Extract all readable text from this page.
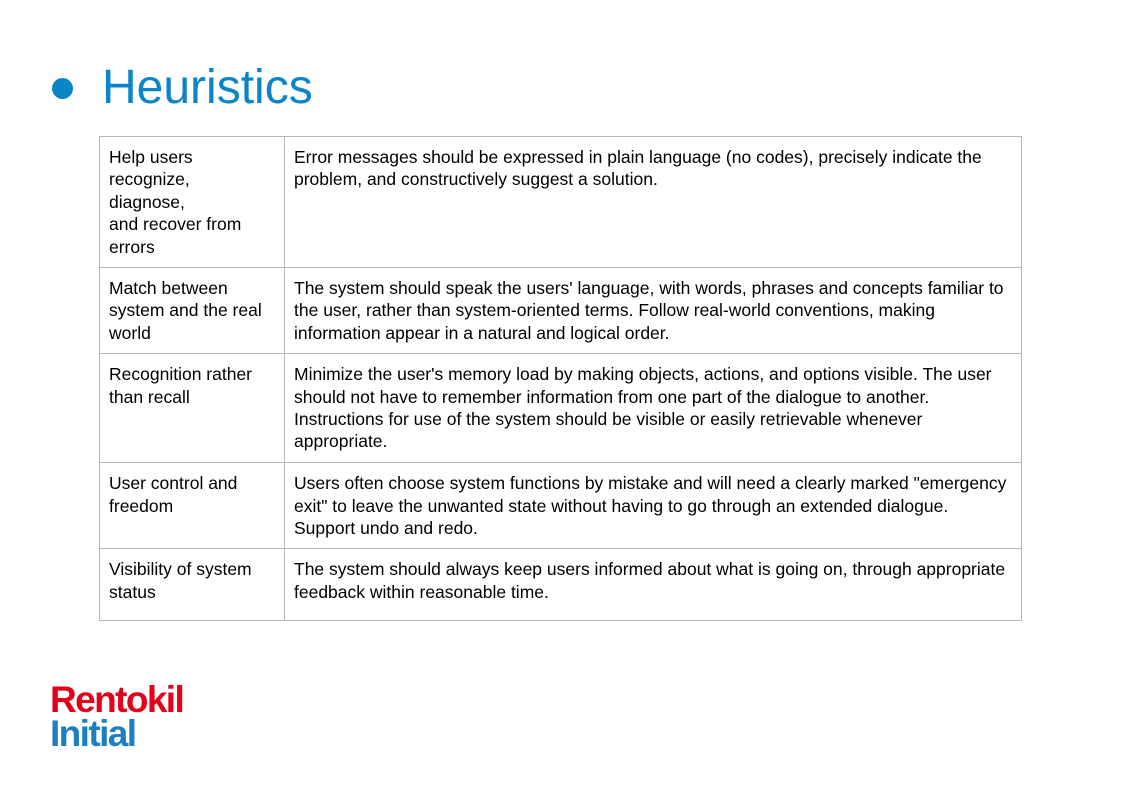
Heuristics
Help users
recognize,
diagnose,
and recover from
errors	Error messages should be expressed in plain language (no codes), precisely indicate the problem, and constructively suggest a solution.
Match between system and the real world	The system should speak the users' language, with words, phrases and concepts familiar to the user, rather than system-oriented terms. Follow real-world conventions, making information appear in a natural and logical order.
Recognition rather than recall	Minimize the user's memory load by making objects, actions, and options visible. The user should not have to remember information from one part of the dialogue to another. Instructions for use of the system should be visible or easily retrievable whenever appropriate.
User control and freedom	Users often choose system functions by mistake and will need a clearly marked "emergency exit" to leave the unwanted state without having to go through an extended dialogue. Support undo and redo.
Visibility of system status	The system should always keep users informed about what is going on, through appropriate feedback within reasonable time.
Rentokil
Initial
